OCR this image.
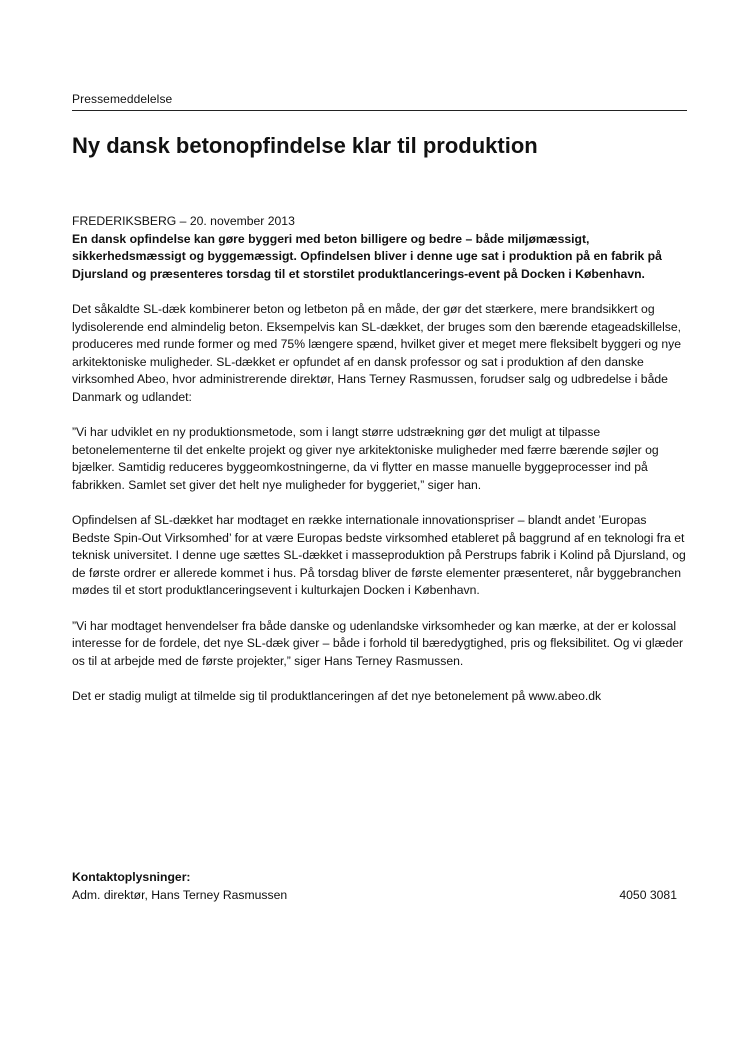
Pressemeddelelse
Ny dansk betonopfindelse klar til produktion

FREDERIKSBERG – 20. november 2013

En dansk opfindelse kan gøre byggeri med beton billigere og bedre – både miljømæssigt, sikkerhedsmæssigt og byggemæssigt. Opfindelsen bliver i denne uge sat i produktion på en fabrik på Djursland og præsenteres torsdag til et storstilet produktlancerings-event på Docken i København.

Det såkaldte SL-dæk kombinerer beton og letbeton på en måde, der gør det stærkere, mere brandsikkert og lydisolerende end almindelig beton. Eksempelvis kan SL-dækket, der bruges som den bærende etageadskillelse, produceres med runde former og med 75% længere spænd, hvilket giver et meget mere fleksibelt byggeri og nye arkitektoniske muligheder. SL-dækket er opfundet af en dansk professor og sat i produktion af den danske virksomhed Abeo, hvor administrerende direktør, Hans Terney Rasmussen, forudser salg og udbredelse i både Danmark og udlandet:

”Vi har udviklet en ny produktionsmetode, som i langt større udstrækning gør det muligt at tilpasse betonelementerne til det enkelte projekt og giver nye arkitektoniske muligheder med færre bærende søjler og bjælker. Samtidig reduceres byggeomkostningerne, da vi flytter en masse manuelle byggeprocesser ind på fabrikken. Samlet set giver det helt nye muligheder for byggeriet,” siger han.

Opfindelsen af SL-dækket har modtaget en række internationale innovationspriser – blandt andet ’Europas Bedste Spin-Out Virksomhed’ for at være Europas bedste virksomhed etableret på baggrund af en teknologi fra et teknisk universitet. I denne uge sættes SL-dækket i masseproduktion på Perstrups fabrik i Kolind på Djursland, og de første ordrer er allerede kommet i hus. På torsdag bliver de første elementer præsenteret, når byggebranchen mødes til et stort produktlanceringsevent i kulturkajen Docken i København.

”Vi har modtaget henvendelser fra både danske og udenlandske virksomheder og kan mærke, at der er kolossal interesse for de fordele, det nye SL-dæk giver – både i forhold til bæredygtighed, pris og fleksibilitet. Og vi glæder os til at arbejde med de første projekter,” siger Hans Terney Rasmussen.

Det er stadig muligt at tilmelde sig til produktlanceringen af det nye betonelement på www.abeo.dk

Kontaktoplysninger:
Adm. direktør, Hans Terney Rasmussen	4050 3081
